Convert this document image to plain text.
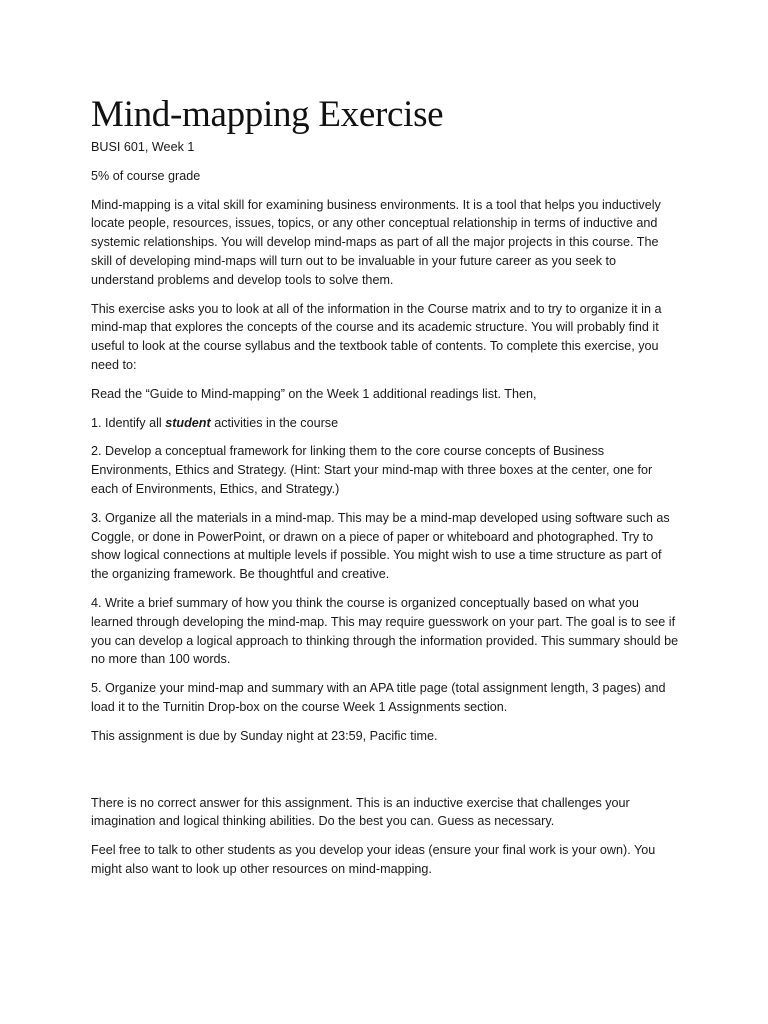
Mind-mapping Exercise

BUSI 601, Week 1

5% of course grade

Mind-mapping is a vital skill for examining business environments. It is a tool that helps you inductively locate people, resources, issues, topics, or any other conceptual relationship in terms of inductive and systemic relationships. You will develop mind-maps as part of all the major projects in this course. The skill of developing mind-maps will turn out to be invaluable in your future career as you seek to understand problems and develop tools to solve them.

This exercise asks you to look at all of the information in the Course matrix and to try to organize it in a mind-map that explores the concepts of the course and its academic structure. You will probably find it useful to look at the course syllabus and the textbook table of contents. To complete this exercise, you need to:

Read the “Guide to Mind-mapping” on the Week 1 additional readings list. Then,

1. Identify all student activities in the course

2. Develop a conceptual framework for linking them to the core course concepts of Business Environments, Ethics and Strategy. (Hint: Start your mind-map with three boxes at the center, one for each of Environments, Ethics, and Strategy.)

3. Organize all the materials in a mind-map. This may be a mind-map developed using software such as Coggle, or done in PowerPoint, or drawn on a piece of paper or whiteboard and photographed. Try to show logical connections at multiple levels if possible. You might wish to use a time structure as part of the organizing framework. Be thoughtful and creative.

4. Write a brief summary of how you think the course is organized conceptually based on what you learned through developing the mind-map. This may require guesswork on your part. The goal is to see if you can develop a logical approach to thinking through the information provided. This summary should be no more than 100 words.

5. Organize your mind-map and summary with an APA title page (total assignment length, 3 pages) and load it to the Turnitin Drop-box on the course Week 1 Assignments section.

This assignment is due by Sunday night at 23:59, Pacific time.

There is no correct answer for this assignment. This is an inductive exercise that challenges your imagination and logical thinking abilities. Do the best you can. Guess as necessary.

Feel free to talk to other students as you develop your ideas (ensure your final work is your own). You might also want to look up other resources on mind-mapping.
